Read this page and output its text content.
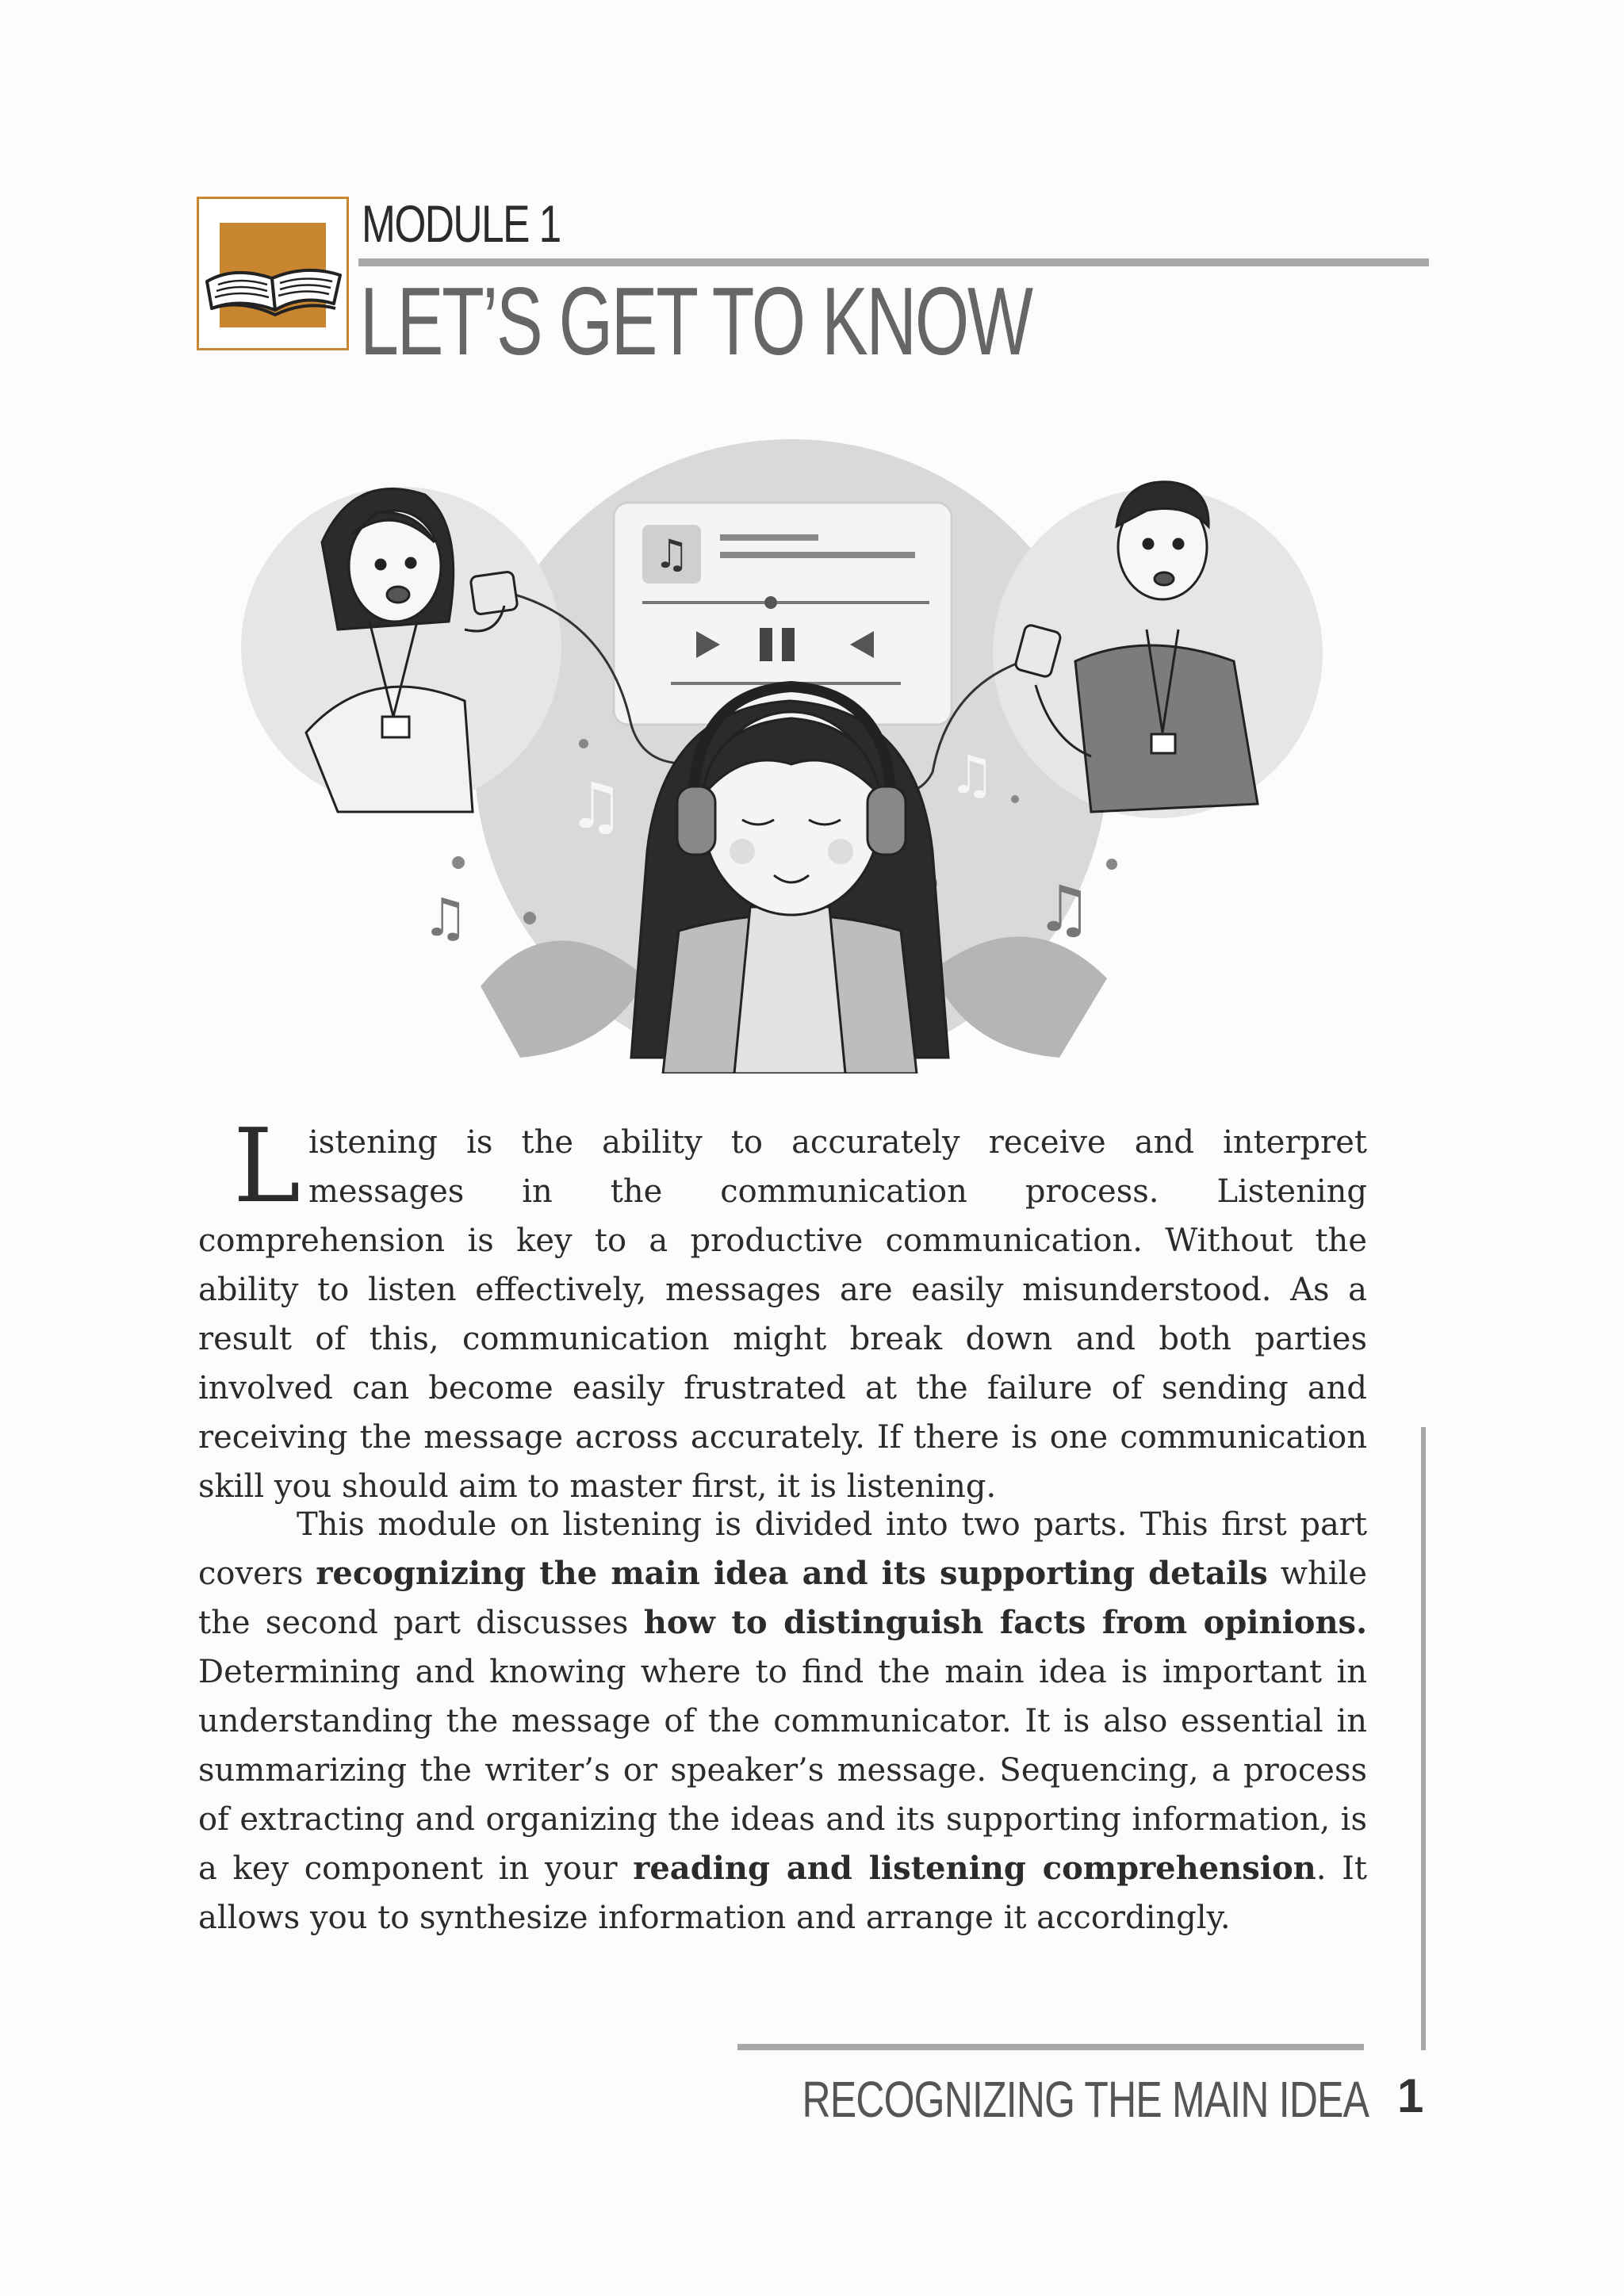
MODULE 1
LET’S GET TO KNOW
♫
♫	♫
♫	♫

Listening is the ability to accurately receive and interpret messages in the communication process. Listening comprehension is key to a productive communication. Without the ability to listen effectively, messages are easily misunderstood. As a result of this, communication might break down and both parties involved can become easily frustrated at the failure of sending and receiving the message across accurately. If there is one communication skill you should aim to master first, it is listening.

This module on listening is divided into two parts. This first part covers recognizing the main idea and its supporting details while the second part discusses how to distinguish facts from opinions. Determining and knowing where to find the main idea is important in understanding the message of the communicator. It is also essential in summarizing the writer’s or speaker’s message. Sequencing, a process of extracting and organizing the ideas and its supporting information, is a key component in your reading and listening comprehension. It allows you to synthesize information and arrange it accordingly.

RECOGNIZING THE MAIN IDEA 1
